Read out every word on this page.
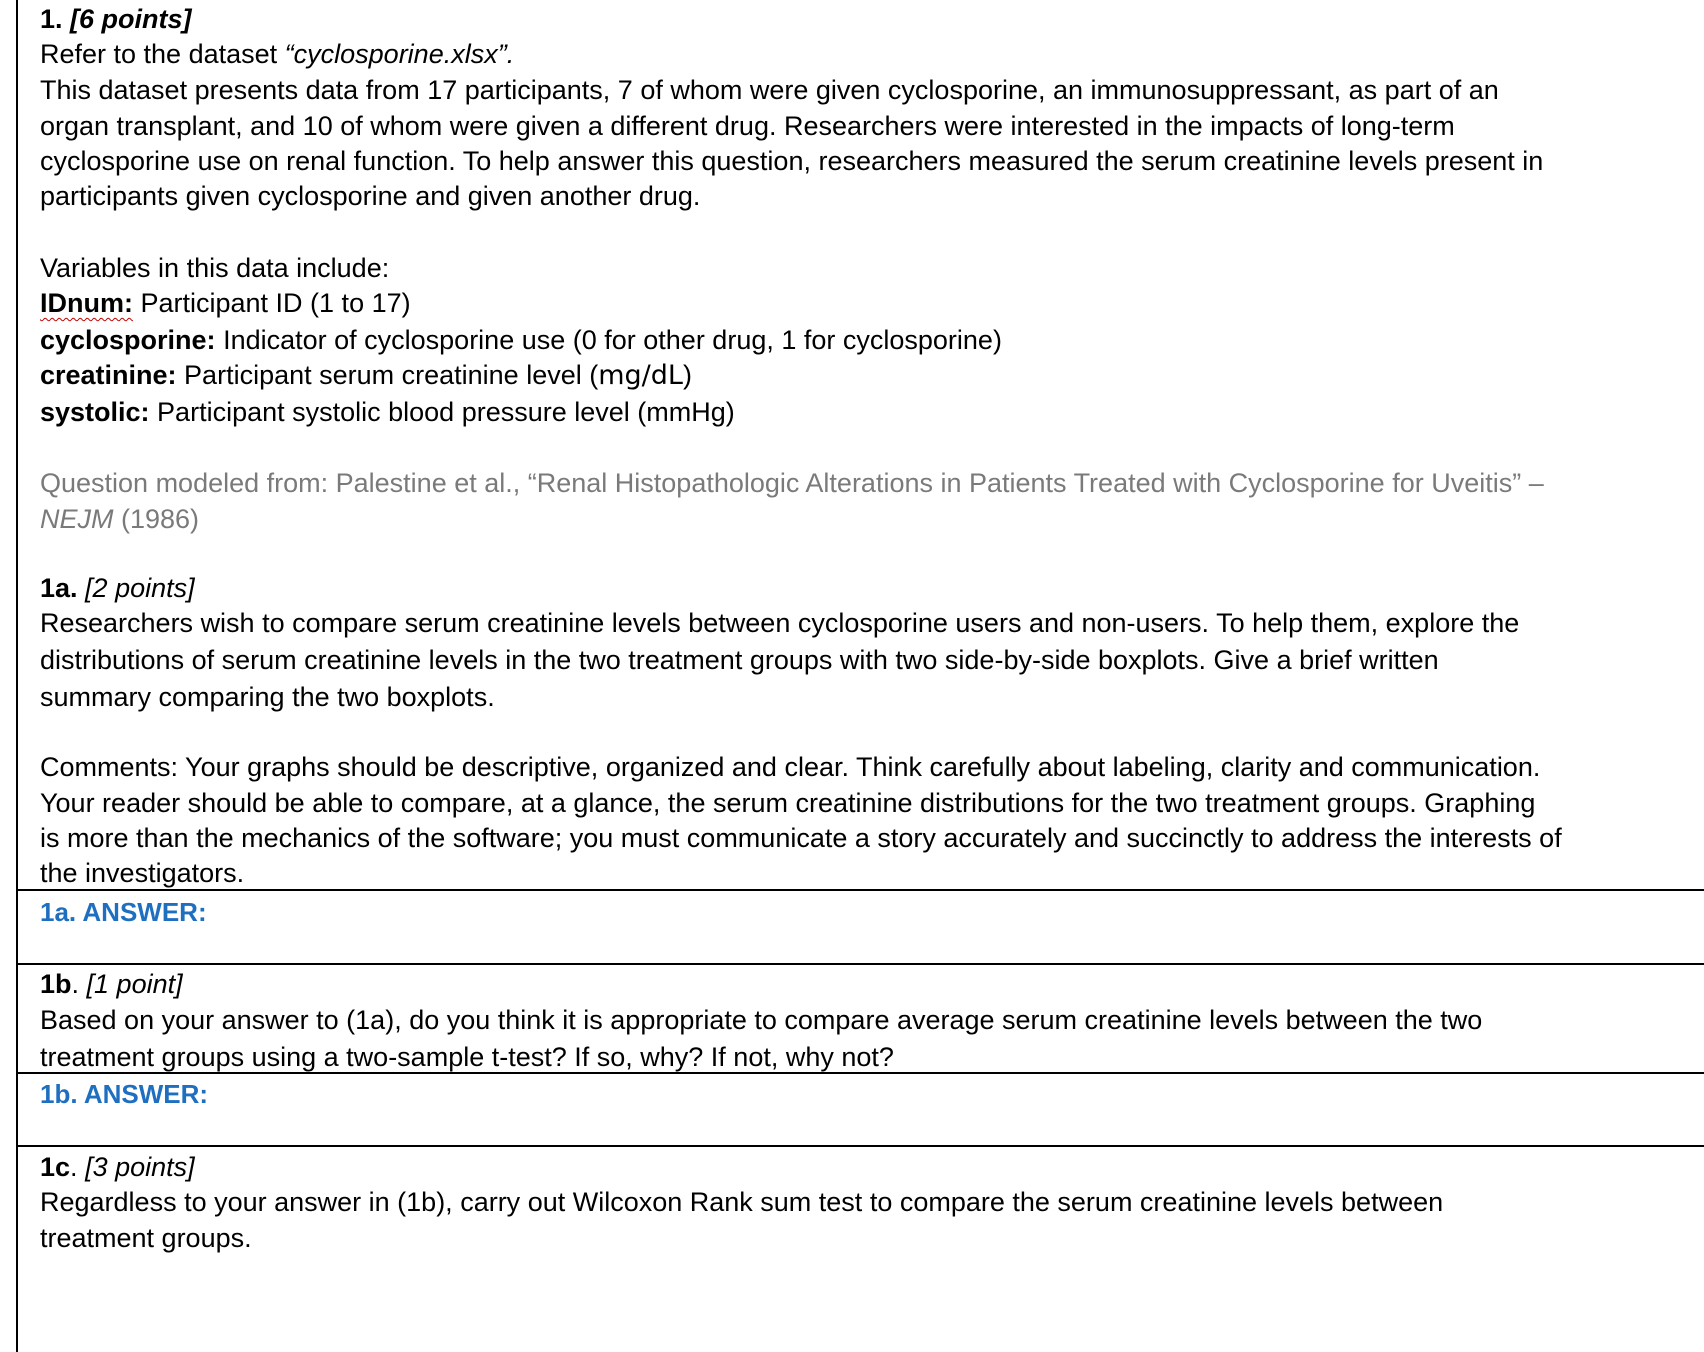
1. [6 points]
Refer to the dataset “cyclosporine.xlsx”.
This dataset presents data from 17 participants, 7 of whom were given cyclosporine, an immunosuppressant, as part of an
organ transplant, and 10 of whom were given a different drug. Researchers were interested in the impacts of long-term
cyclosporine use on renal function. To help answer this question, researchers measured the serum creatinine levels present in
participants given cyclosporine and given another drug.
Variables in this data include:
IDnum: Participant ID (1 to 17)
cyclosporine: Indicator of cyclosporine use (0 for other drug, 1 for cyclosporine)
creatinine: Participant serum creatinine level (mg/dL)
systolic: Participant systolic blood pressure level (mmHg)
Question modeled from: Palestine et al., “Renal Histopathologic Alterations in Patients Treated with Cyclosporine for Uveitis” –
NEJM (1986)
1a. [2 points]
Researchers wish to compare serum creatinine levels between cyclosporine users and non-users. To help them, explore the
distributions of serum creatinine levels in the two treatment groups with two side-by-side boxplots. Give a brief written
summary comparing the two boxplots.
Comments: Your graphs should be descriptive, organized and clear. Think carefully about labeling, clarity and communication.
Your reader should be able to compare, at a glance, the serum creatinine distributions for the two treatment groups. Graphing
is more than the mechanics of the software; you must communicate a story accurately and succinctly to address the interests of
the investigators.
1a. ANSWER:
1b. [1 point]
Based on your answer to (1a), do you think it is appropriate to compare average serum creatinine levels between the two
treatment groups using a two-sample t-test? If so, why? If not, why not?
1b. ANSWER:
1c. [3 points]
Regardless to your answer in (1b), carry out Wilcoxon Rank sum test to compare the serum creatinine levels between
treatment groups.
